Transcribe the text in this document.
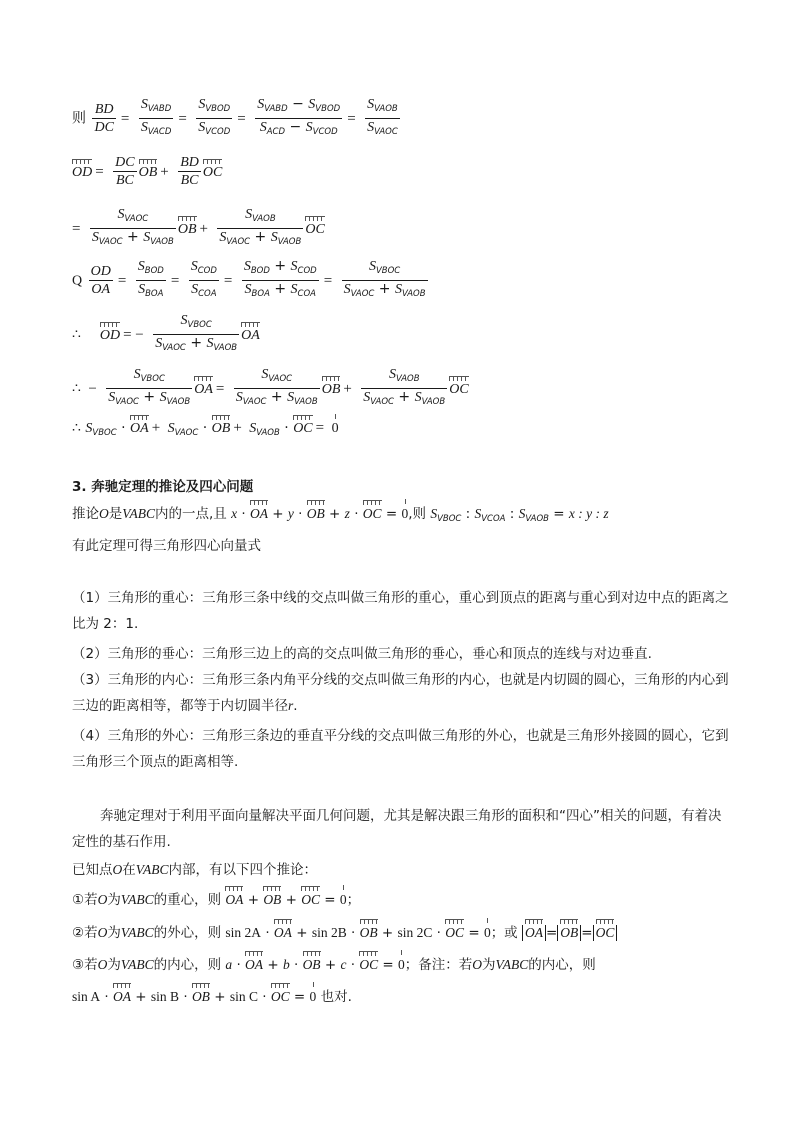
则 $\frac{BD}{DC} = \frac{S_{VABD}}{S_{VACD}} = \frac{S_{VBOD}}{S_{VCOD}} = \frac{S_{VABD} - S_{VBOD}}{S_{ACD} - S_{VCOD}} = \frac{S_{VAOB}}{S_{VAOC}}$
OD = $\frac{DC}{BC}$ OB + $\frac{BD}{BC}$ OC
= $\frac{S_{VAOC}}{S_{VAOC} + S_{VAOB}}$ OB + $\frac{S_{VAOB}}{S_{VAOC} + S_{VAOB}}$ OC
Q $\frac{OD}{OA} = \frac{S_{BOD}}{S_{BOA}} = \frac{S_{COD}}{S_{COA}} = \frac{S_{BOD} + S_{COD}}{S_{BOA} + S_{COA}} = \frac{S_{VBOC}}{S_{VAOC} + S_{VAOB}}$
∴ OD = − $\frac{S_{VBOC}}{S_{VAOC} + S_{VAOB}}$ OA
∴ − $\frac{S_{VBOC}}{S_{VAOC} + S_{VAOB}}$ OA = $\frac{S_{VAOC}}{S_{VAOC} + S_{VAOB}}$ OB + $\frac{S_{VAOB}}{S_{VAOC} + S_{VAOB}}$ OC
∴ $S_{VBOC}$ · OA + $S_{VAOC}$ · OB + $S_{VAOB}$ · OC = 0
3. 奔驰定理的推论及四心问题
推论O是VABC内的一点,且 x · OA + y · OB + z · OC = 0,则 $S_{VBOC}$ : $S_{VCOA}$ : $S_{VAOB} = x$ : y : z
有此定理可得三角形四心向量式
（1）三角形的重心：三角形三条中线的交点叫做三角形的重心，重心到顶点的距离与重心到对边中点的距离之比为 2：1.
（2）三角形的垂心：三角形三边上的高的交点叫做三角形的垂心，垂心和顶点的连线与对边垂直.
（3）三角形的内心：三角形三条内角平分线的交点叫做三角形的内心，也就是内切圆的圆心，三角形的内心到三边的距离相等，都等于内切圆半径r.
（4）三角形的外心：三角形三条边的垂直平分线的交点叫做三角形的外心，也就是三角形外接圆的圆心，它到三角形三个顶点的距离相等.
奔驰定理对于利用平面向量解决平面几何问题，尤其是解决跟三角形的面积和“四心”相关的问题，有着决定性的基石作用.
已知点O在VABC内部，有以下四个推论：
①若O为VABC的重心，则 OA + OB + OC = 0；
②若O为VABC的外心，则 sin 2A · OA + sin 2B · OB + sin 2C · OC = 0；或 OA = OB = OC
③若O为VABC的内心，则 a · OA + b · OB + c · OC = 0；备注：若O为VABC的内心，则
sin A · OA + sin B · OB + sin C · OC = 0 也对.
